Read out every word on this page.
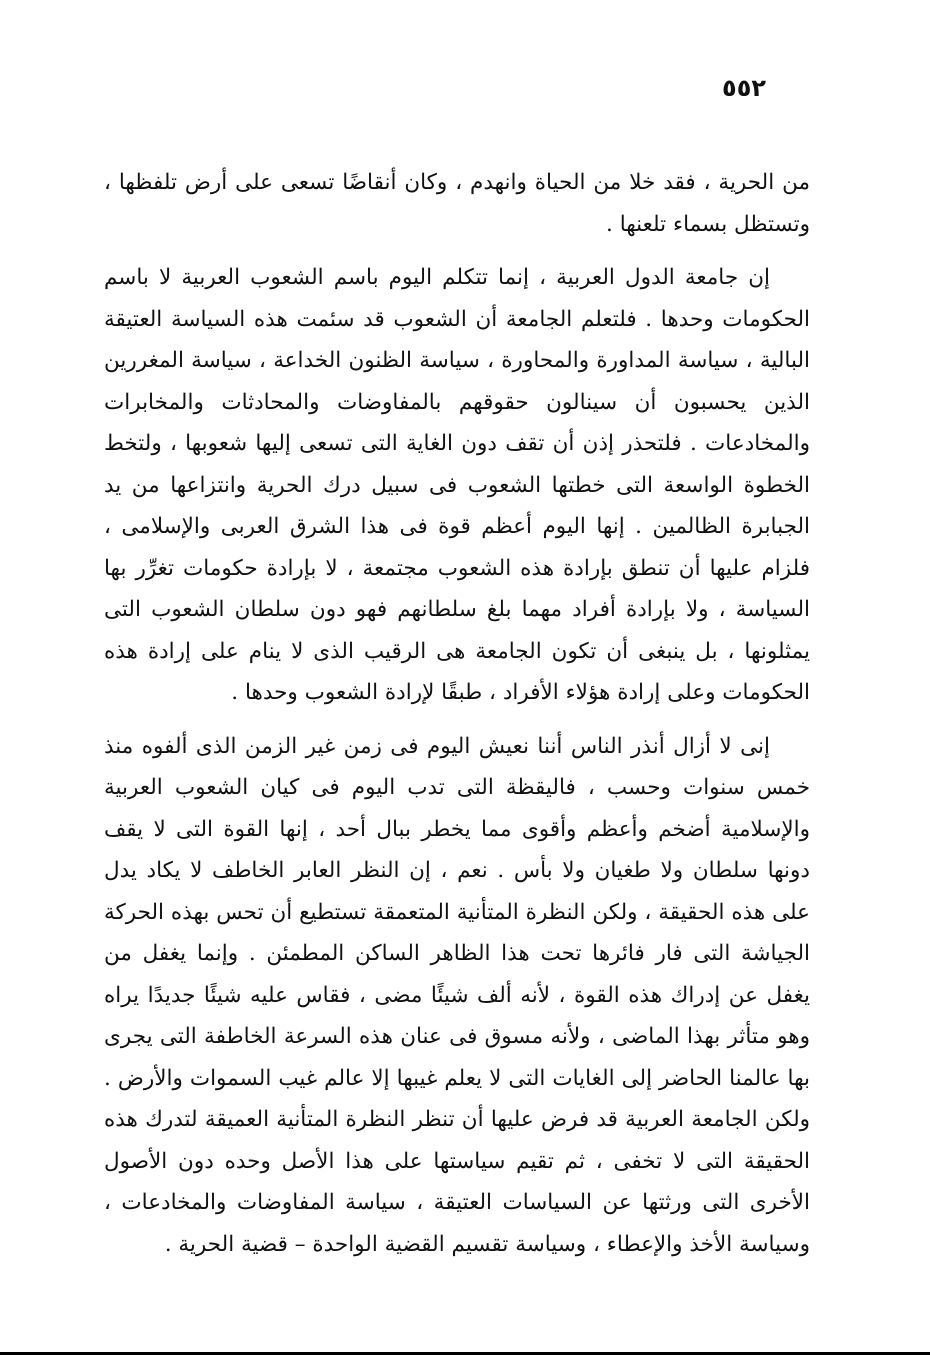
٥٥٢

من الحرية ، فقد خلا من الحياة وانهدم ، وكان أنقاضًا تسعى على أرض تلفظها ، وتستظل بسماء تلعنها .

إن جامعة الدول العربية ، إنما تتكلم اليوم باسم الشعوب العربية لا باسم الحكومات وحدها . فلتعلم الجامعة أن الشعوب قد سئمت هذه السياسة العتيقة البالية ، سياسة المداورة والمحاورة ، سياسة الظنون الخداعة ، سياسة المغررين الذين يحسبون أن سينالون حقوقهم بالمفاوضات والمحادثات والمخابرات والمخادعات . فلتحذر إذن أن تقف دون الغاية التى تسعى إليها شعوبها ، ولتخط الخطوة الواسعة التى خطتها الشعوب فى سبيل درك الحرية وانتزاعها من يد الجبابرة الظالمين . إنها اليوم أعظم قوة فى هذا الشرق العربى والإسلامى ، فلزام عليها أن تنطق بإرادة هذه الشعوب مجتمعة ، لا بإرادة حكومات تغرِّر بها السياسة ، ولا بإرادة أفراد مهما بلغ سلطانهم فهو دون سلطان الشعوب التى يمثلونها ، بل ينبغى أن تكون الجامعة هى الرقيب الذى لا ينام على إرادة هذه الحكومات وعلى إرادة هؤلاء الأفراد ، طبقًا لإرادة الشعوب وحدها .

إنى لا أزال أنذر الناس أننا نعيش اليوم فى زمن غير الزمن الذى ألفوه منذ خمس سنوات وحسب ، فاليقظة التى تدب اليوم فى كيان الشعوب العربية والإسلامية أضخم وأعظم وأقوى مما يخطر ببال أحد ، إنها القوة التى لا يقف دونها سلطان ولا طغيان ولا بأس . نعم ، إن النظر العابر الخاطف لا يكاد يدل على هذه الحقيقة ، ولكن النظرة المتأنية المتعمقة تستطيع أن تحس بهذه الحركة الجياشة التى فار فائرها تحت هذا الظاهر الساكن المطمئن . وإنما يغفل من يغفل عن إدراك هذه القوة ، لأنه ألف شيئًا مضى ، فقاس عليه شيئًا جديدًا يراه وهو متأثر بهذا الماضى ، ولأنه مسوق فى عنان هذه السرعة الخاطفة التى يجرى بها عالمنا الحاضر إلى الغايات التى لا يعلم غيبها إلا عالم غيب السموات والأرض . ولكن الجامعة العربية قد فرض عليها أن تنظر النظرة المتأنية العميقة لتدرك هذه الحقيقة التى لا تخفى ، ثم تقيم سياستها على هذا الأصل وحده دون الأصول الأخرى التى ورثتها عن السياسات العتيقة ، سياسة المفاوضات والمخادعات ، وسياسة الأخذ والإعطاء ، وسياسة تقسيم القضية الواحدة – قضية الحرية .
